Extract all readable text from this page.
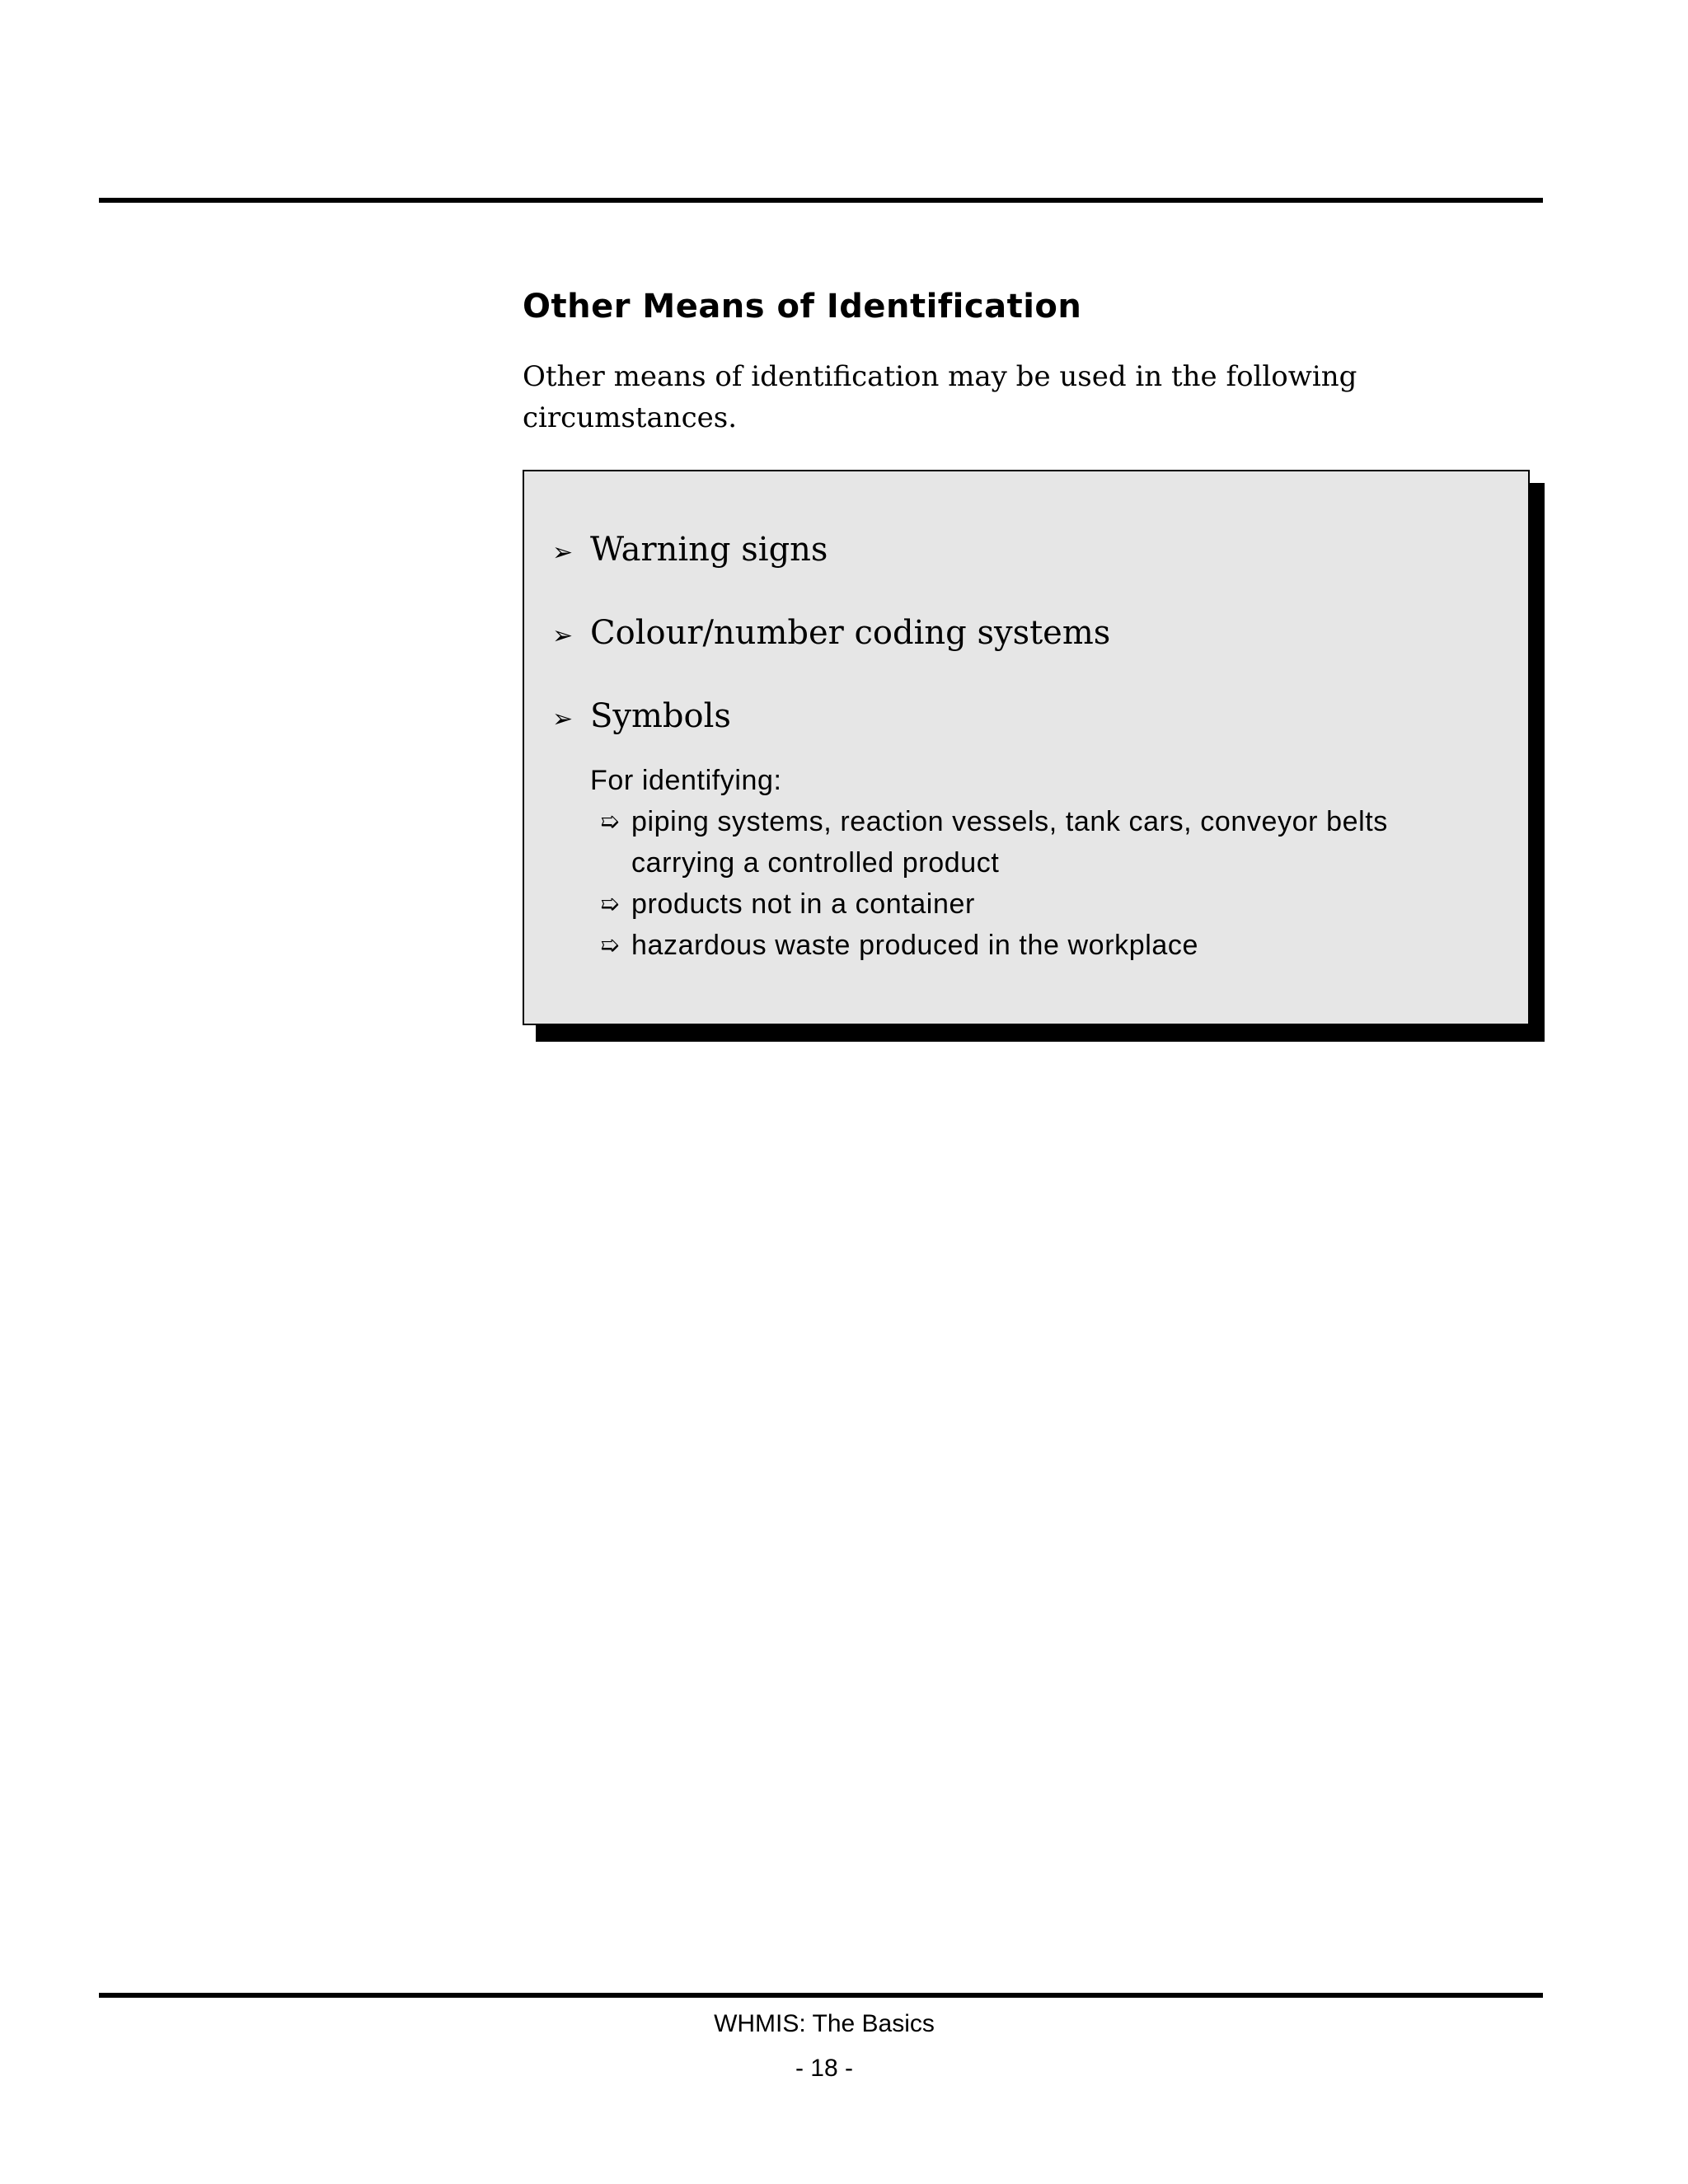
Other Means of Identification

Other means of identification may be used in the following circumstances.

➢ Warning signs
➢ Colour/number coding systems
➢ Symbols
For identifying:
➯ piping systems, reaction vessels, tank cars, conveyor belts carrying a controlled product
➯ products not in a container
➯ hazardous waste produced in the workplace
WHMIS: The Basics
- 18 -
